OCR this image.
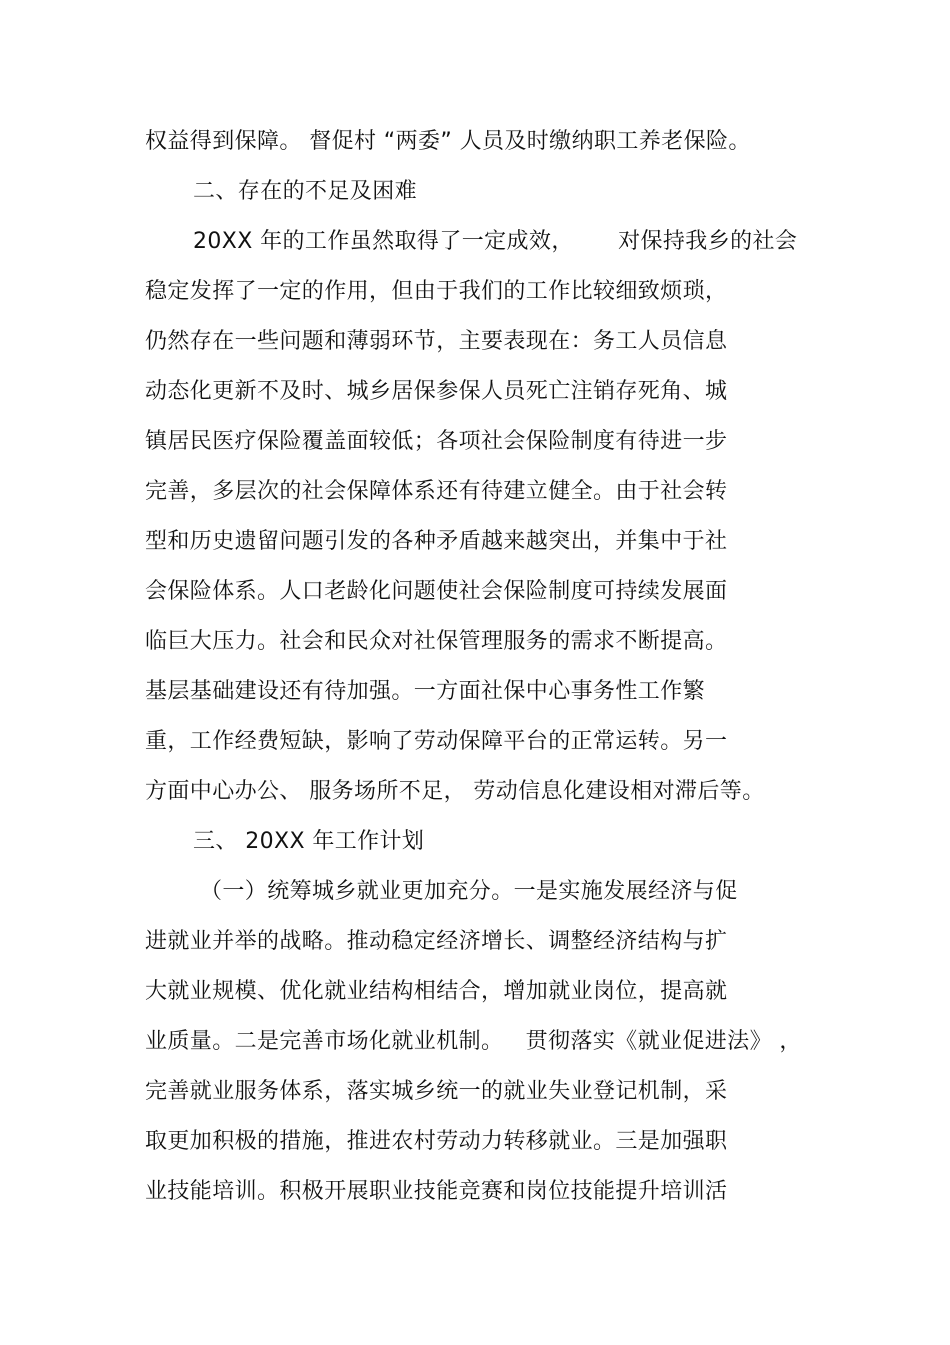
权益得到保障。 督促村 “两委” 人员及时缴纳职工养老保险。
二、存在的不足及困难
20XX 年的工作虽然取得了一定成效，      对保持我乡的社会
稳定发挥了一定的作用，但由于我们的工作比较细致烦琐，
仍然存在一些问题和薄弱环节，主要表现在：务工人员信息
动态化更新不及时、城乡居保参保人员死亡注销存死角、城
镇居民医疗保险覆盖面较低；各项社会保险制度有待进一步
完善，多层次的社会保障体系还有待建立健全。由于社会转
型和历史遗留问题引发的各种矛盾越来越突出，并集中于社
会保险体系。人口老龄化问题使社会保险制度可持续发展面
临巨大压力。社会和民众对社保管理服务的需求不断提高。
基层基础建设还有待加强。一方面社保中心事务性工作繁
重，工作经费短缺，影响了劳动保障平台的正常运转。另一
方面中心办公、 服务场所不足， 劳动信息化建设相对滞后等。
三、 20XX 年工作计划
（一）统筹城乡就业更加充分。一是实施发展经济与促
进就业并举的战略。推动稳定经济增长、调整经济结构与扩
大就业规模、优化就业结构相结合，增加就业岗位，提高就
业质量。二是完善市场化就业机制。   贯彻落实《就业促进法》 ，
完善就业服务体系，落实城乡统一的就业失业登记机制，采
取更加积极的措施，推进农村劳动力转移就业。三是加强职
业技能培训。积极开展职业技能竞赛和岗位技能提升培训活
